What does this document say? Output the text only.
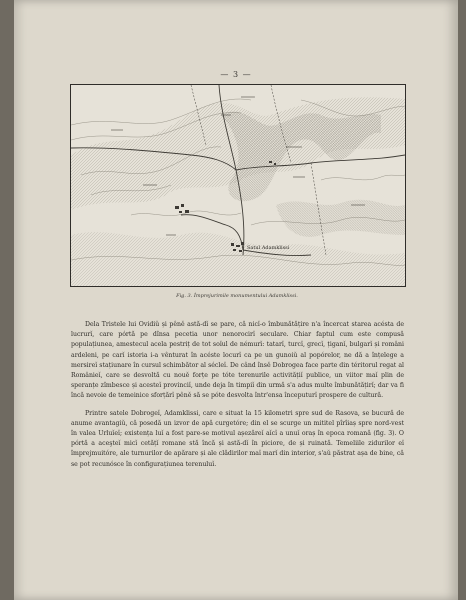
— 3 —
Satul Adamklissi
Fig. 3. Împrejurimile monumentului Adamklissi.

Dela Tristele lui Ovidiŭ și pênĕ astă-dĭ se pare, că nicĭ-o îmbunătățire n'a încercat starea acésta de lucrurĭ, care pórtă pe dînsa pecetia unor nenorocirĭ seculare. Chiar faptul cum este compusă populațiunea, amestecul acela pestriț de tot soĭul de némurĭ: tatarĭ, turcĭ, grecĭ, țiganĭ, bulgarĭ și români ardeleni, pe carĭ istoria i-a vênturat în acéste locurĭ ca pe un gunoiŭ al popórelor, ne dă a înțelege a mersireĭ stațiunare în cursul schimbător al sécleĭ. De când însĕ Dobrogea face parte din téritorul regat al Românieĭ, care se desvoltă cu nouĕ forțe pe tóte terenurile activitățiĭ publice, un viitor maĭ plin de speranțe zîmbesce și acesteĭ provinciĭ, unde deja în timpiĭ din urmă s'a adus multe îmbunătățirĭ; dar va fi încă nevoie de temeinice sforțărĭ pênĕ să se póte desvolta într'ensa începuturĭ prospere de cultură.

Printre satele Dobrogeĭ, Adamklissi, care e situat la 15 kilometri spre sud de Rasova, se bucură de anume avantagiŭ, că posedă un izvor de apă curgetóre; din el se scurge un mititel pîrîiaș spre nord-vest în valea Urluĭeĭ; existența luĭ a fost pare-se motivul așezăreĭ aĭcĭ a unuĭ oraș în epoca romană (fig. 3). O pórtă a aceşteĭ micĭ cetățĭ romane stă încă și astă-dĭ în piciore, de și ruinată. Temeliile zidurilor eĭ împrejmuitóre, ale turnurilor de apărare și ale clădirilor maĭ marĭ din interior, s'aŭ păstrat așa de bine, că se pot recunósce în configurațiunea terenuluĭ.
